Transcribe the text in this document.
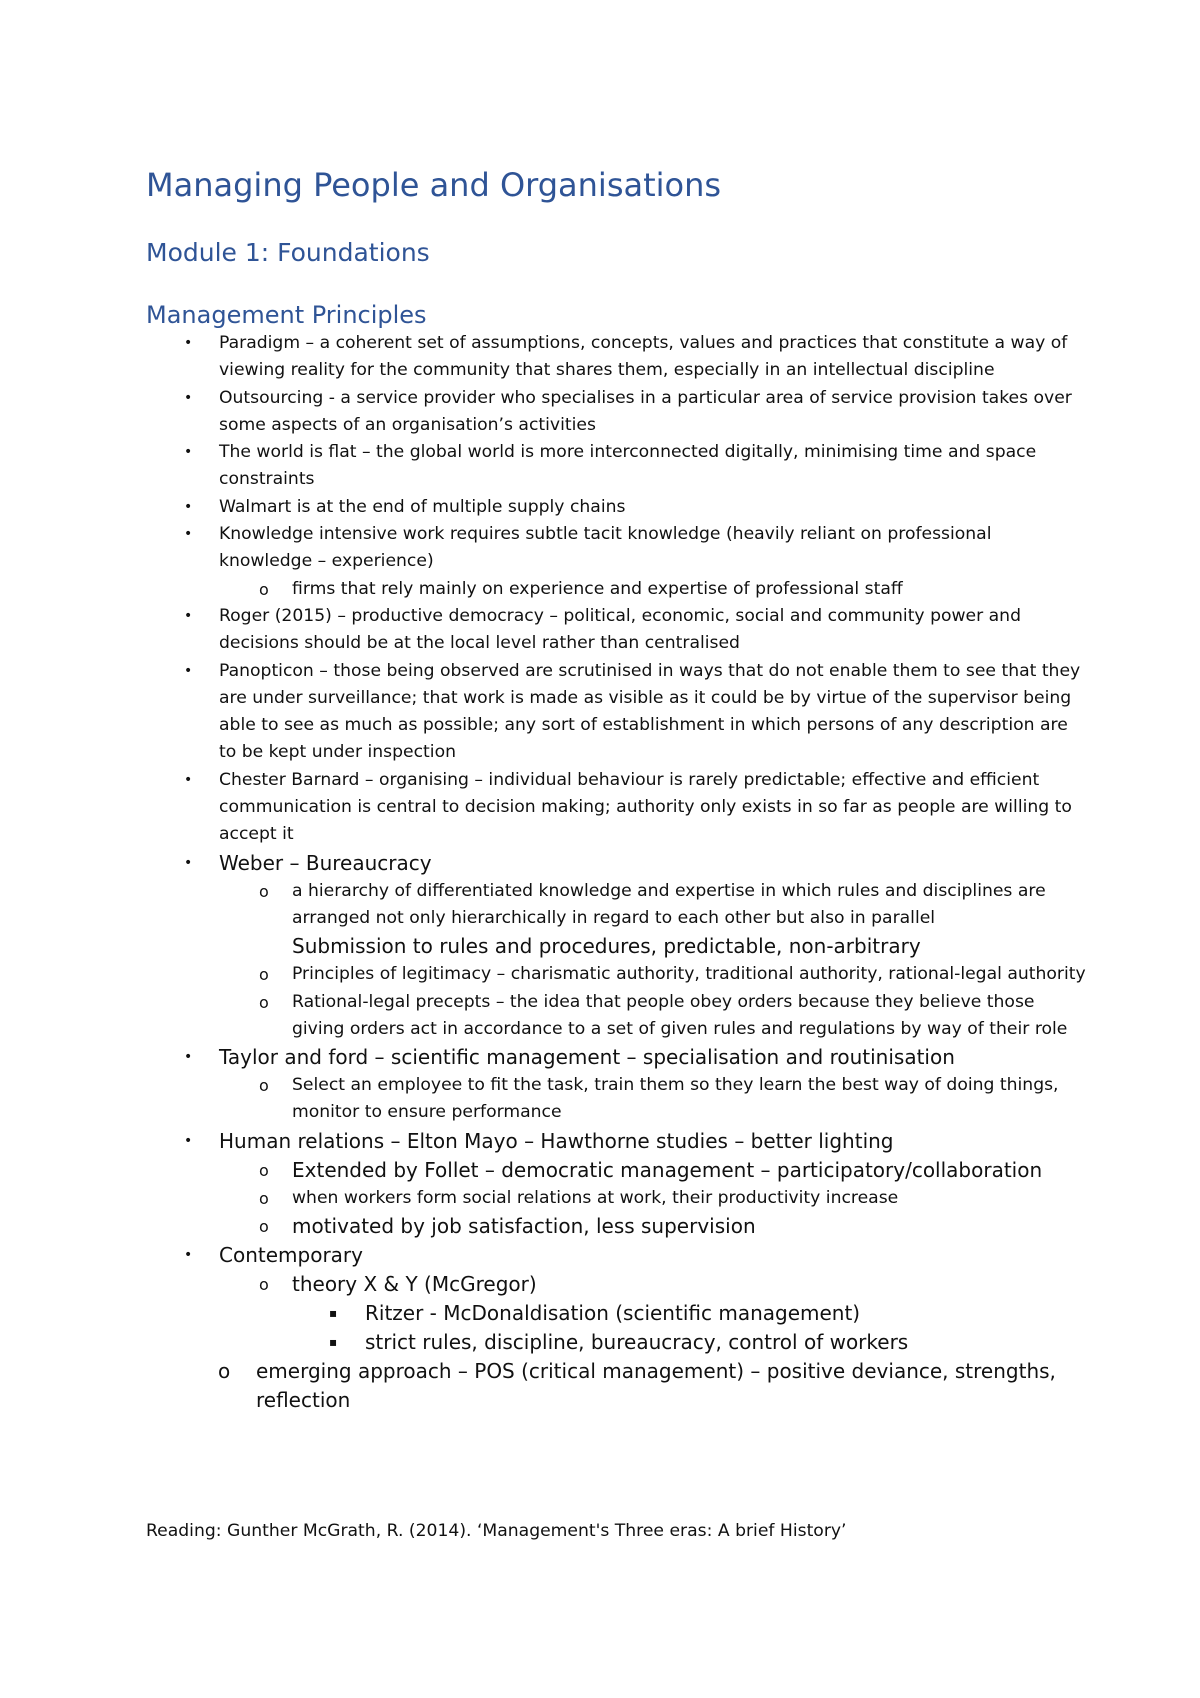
Managing People and Organisations
Module 1: Foundations
Management Principles
• Paradigm – a coherent set of assumptions, concepts, values and practices that constitute a way of viewing reality for the community that shares them, especially in an intellectual discipline
• Outsourcing - a service provider who specialises in a particular area of service provision takes over some aspects of an organisation’s activities
• The world is flat – the global world is more interconnected digitally, minimising time and space constraints
• Walmart is at the end of multiple supply chains
• Knowledge intensive work requires subtle tacit knowledge (heavily reliant on professional knowledge – experience)
o firms that rely mainly on experience and expertise of professional staff
• Roger (2015) – productive democracy – political, economic, social and community power and decisions should be at the local level rather than centralised
• Panopticon – those being observed are scrutinised in ways that do not enable them to see that they are under surveillance; that work is made as visible as it could be by virtue of the supervisor being able to see as much as possible; any sort of establishment in which persons of any description are to be kept under inspection
• Chester Barnard – organising – individual behaviour is rarely predictable; effective and efficient communication is central to decision making; authority only exists in so far as people are willing to accept it
• Weber – Bureaucracy
o a hierarchy of differentiated knowledge and expertise in which rules and disciplines are arranged not only hierarchically in regard to each other but also in parallel
Submission to rules and procedures, predictable, non-arbitrary
o Principles of legitimacy – charismatic authority, traditional authority, rational-legal authority
o Rational-legal precepts – the idea that people obey orders because they believe those giving orders act in accordance to a set of given rules and regulations by way of their role
• Taylor and ford – scientific management – specialisation and routinisation
o Select an employee to fit the task, train them so they learn the best way of doing things, monitor to ensure performance
• Human relations – Elton Mayo – Hawthorne studies – better lighting
o Extended by Follet – democratic management – participatory/collaboration
o when workers form social relations at work, their productivity increase
o motivated by job satisfaction, less supervision
• Contemporary
o theory X & Y (McGregor)
▪ Ritzer - McDonaldisation (scientific management)
▪ strict rules, discipline, bureaucracy, control of workers
o emerging approach – POS (critical management) – positive deviance, strengths, reflection

Reading: Gunther McGrath, R. (2014). ‘Management's Three eras: A brief History’
